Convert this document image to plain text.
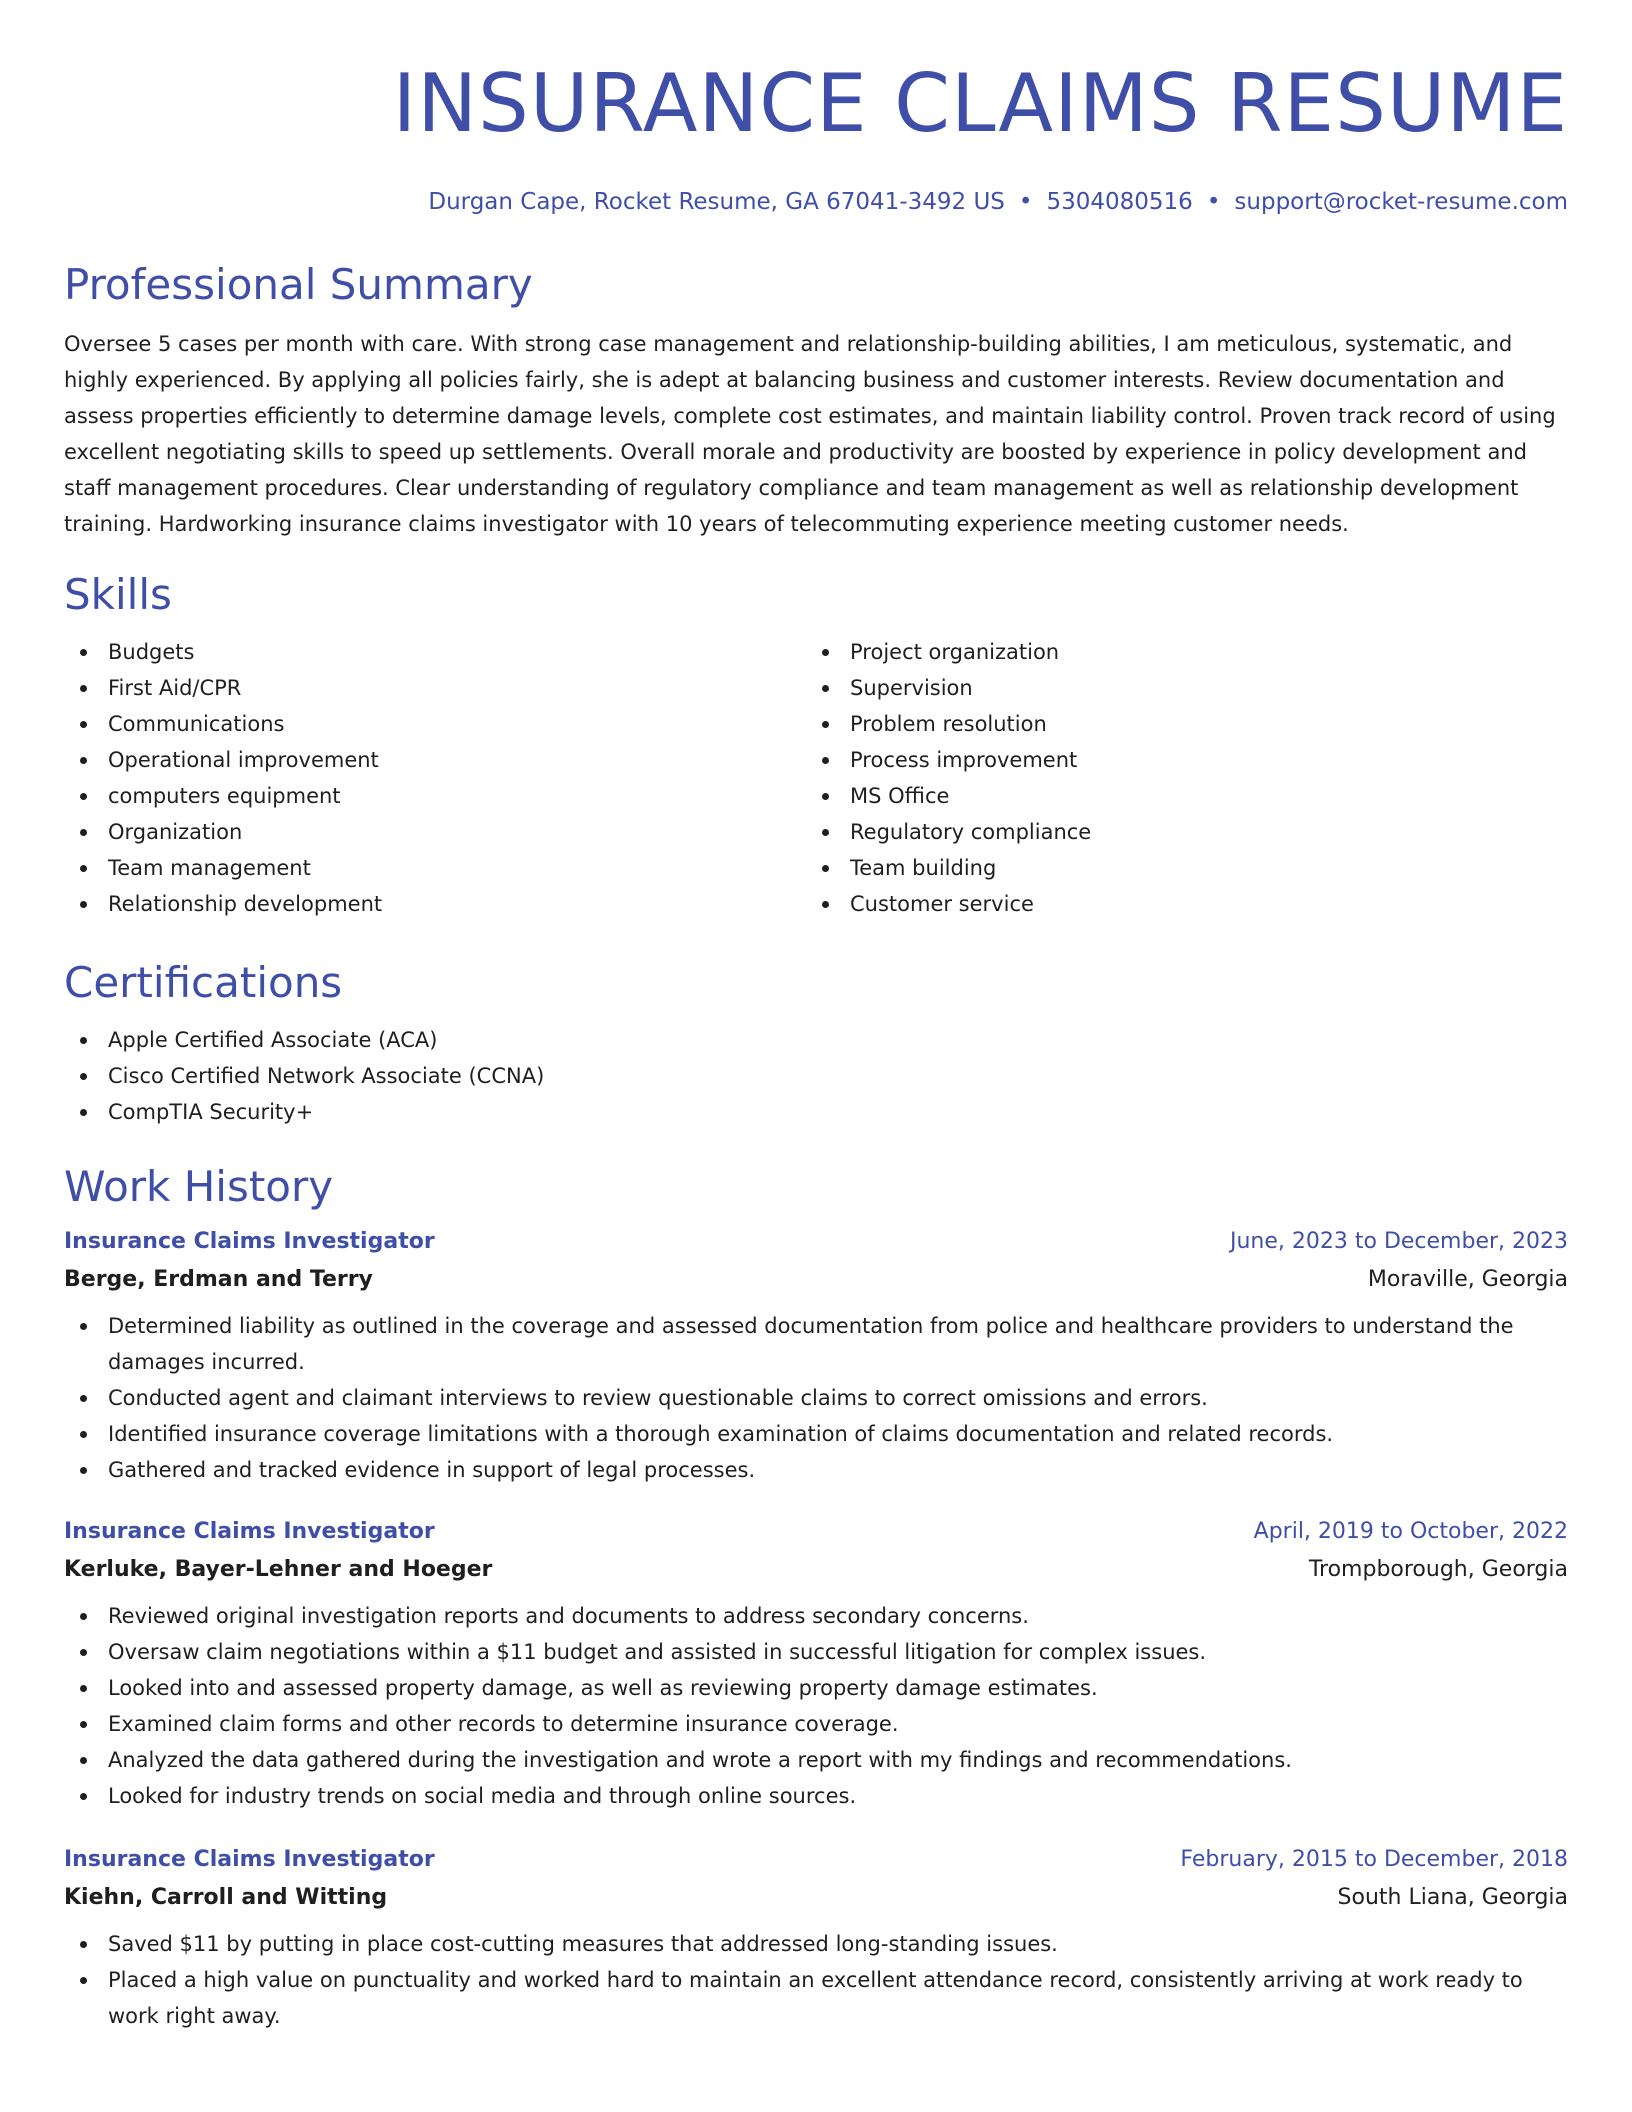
INSURANCE CLAIMS RESUME
Durgan Cape, Rocket Resume, GA 67041-3492 US • 5304080516 • support@rocket-resume.com
Professional Summary

Oversee 5 cases per month with care. With strong case management and relationship-building abilities, I am meticulous, systematic, and highly experienced. By applying all policies fairly, she is adept at balancing business and customer interests. Review documentation and assess properties efficiently to determine damage levels, complete cost estimates, and maintain liability control. Proven track record of using excellent negotiating skills to speed up settlements. Overall morale and productivity are boosted by experience in policy development and staff management procedures. Clear understanding of regulatory compliance and team management as well as relationship development training. Hardworking insurance claims investigator with 10 years of telecommuting experience meeting customer needs.

Skills
Budgets
First Aid/CPR
Communications
Operational improvement
computers equipment
Organization
Team management
Relationship development
Project organization
Supervision
Problem resolution
Process improvement
MS Office
Regulatory compliance
Team building
Customer service
Certifications
Apple Certified Associate (ACA)
Cisco Certified Network Associate (CCNA)
CompTIA Security+
Work History
Insurance Claims Investigator	June, 2023 to December, 2023
Berge, Erdman and Terry	Moraville, Georgia
Determined liability as outlined in the coverage and assessed documentation from police and healthcare providers to understand the damages incurred.
Conducted agent and claimant interviews to review questionable claims to correct omissions and errors.
Identified insurance coverage limitations with a thorough examination of claims documentation and related records.
Gathered and tracked evidence in support of legal processes.
Insurance Claims Investigator	April, 2019 to October, 2022
Kerluke, Bayer-Lehner and Hoeger	Trompborough, Georgia
Reviewed original investigation reports and documents to address secondary concerns.
Oversaw claim negotiations within a $11 budget and assisted in successful litigation for complex issues.
Looked into and assessed property damage, as well as reviewing property damage estimates.
Examined claim forms and other records to determine insurance coverage.
Analyzed the data gathered during the investigation and wrote a report with my findings and recommendations.
Looked for industry trends on social media and through online sources.
Insurance Claims Investigator	February, 2015 to December, 2018
Kiehn, Carroll and Witting	South Liana, Georgia
Saved $11 by putting in place cost-cutting measures that addressed long-standing issues.
Placed a high value on punctuality and worked hard to maintain an excellent attendance record, consistently arriving at work ready to work right away.
